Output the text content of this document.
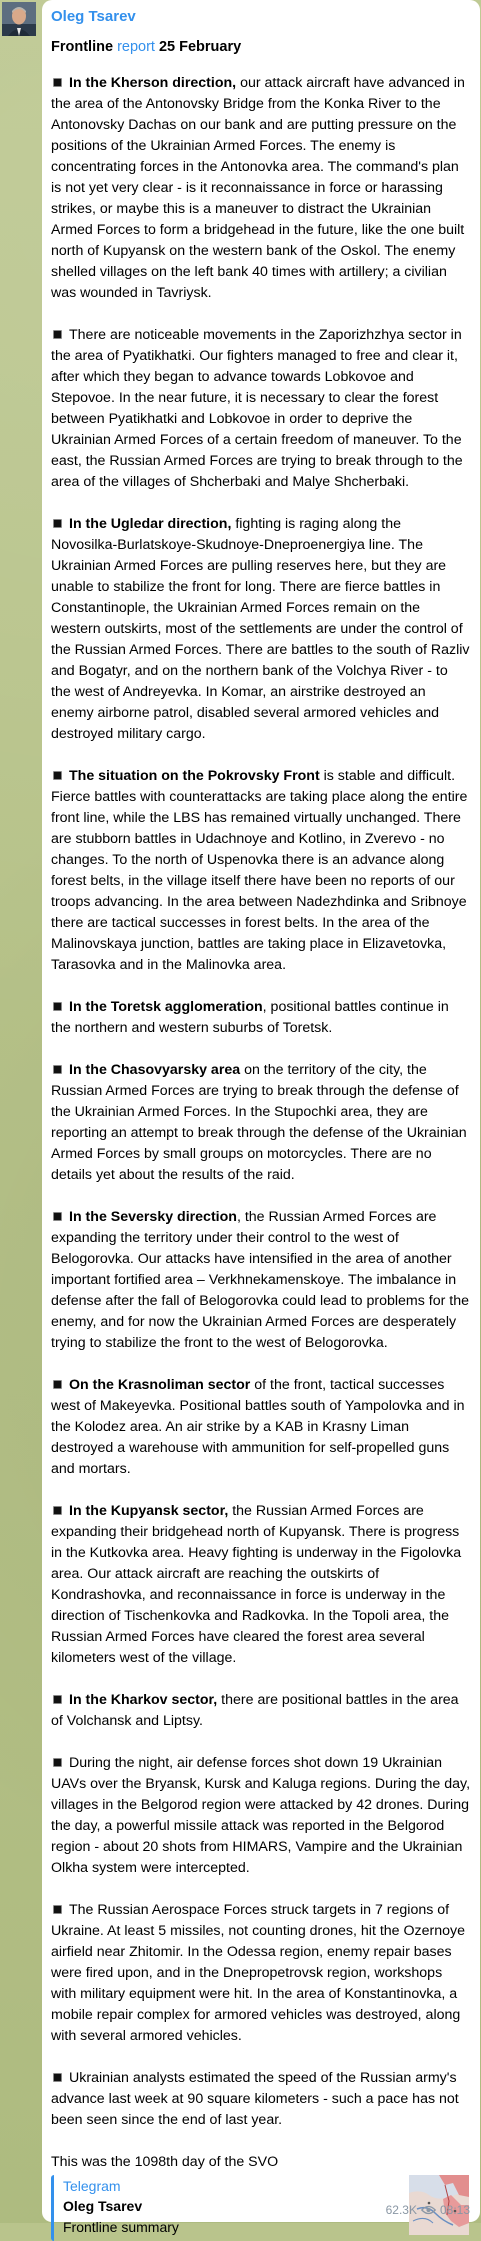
Oleg Tsarev
Frontline report 25 February
In the Kherson direction, our attack aircraft have advanced in the area of the Antonovsky Bridge from the Konka River to the Antonovsky Dachas on our bank and are putting pressure on the positions of the Ukrainian Armed Forces. The enemy is concentrating forces in the Antonovka area. The command's plan is not yet very clear - is it reconnaissance in force or harassing strikes, or maybe this is a maneuver to distract the Ukrainian Armed Forces to form a bridgehead in the future, like the one built north of Kupyansk on the western bank of the Oskol. The enemy shelled villages on the left bank 40 times with artillery; a civilian was wounded in Tavriysk.
There are noticeable movements in the Zaporizhzhya sector in the area of Pyatikhatki. Our fighters managed to free and clear it, after which they began to advance towards Lobkovoe and Stepovoe. In the near future, it is necessary to clear the forest between Pyatikhatki and Lobkovoe in order to deprive the Ukrainian Armed Forces of a certain freedom of maneuver. To the east, the Russian Armed Forces are trying to break through to the area of the villages of Shcherbaki and Malye Shcherbaki.
In the Ugledar direction, fighting is raging along the Novosilka-Burlatskoye-Skudnoye-Dneproenergiya line. The Ukrainian Armed Forces are pulling reserves here, but they are unable to stabilize the front for long. There are fierce battles in Constantinople, the Ukrainian Armed Forces remain on the western outskirts, most of the settlements are under the control of the Russian Armed Forces. There are battles to the south of Razliv and Bogatyr, and on the northern bank of the Volchya River - to the west of Andreyevka. In Komar, an airstrike destroyed an enemy airborne patrol, disabled several armored vehicles and destroyed military cargo.
The situation on the Pokrovsky Front is stable and difficult. Fierce battles with counterattacks are taking place along the entire front line, while the LBS has remained virtually unchanged. There are stubborn battles in Udachnoye and Kotlino, in Zverevo - no changes. To the north of Uspenovka there is an advance along forest belts, in the village itself there have been no reports of our troops advancing. In the area between Nadezhdinka and Sribnoye there are tactical successes in forest belts. In the area of the Malinovskaya junction, battles are taking place in Elizavetovka, Tarasovka and in the Malinovka area.
In the Toretsk agglomeration, positional battles continue in the northern and western suburbs of Toretsk.
In the Chasovyarsky area on the territory of the city, the Russian Armed Forces are trying to break through the defense of the Ukrainian Armed Forces. In the Stupochki area, they are reporting an attempt to break through the defense of the Ukrainian Armed Forces by small groups on motorcycles. There are no details yet about the results of the raid.
In the Seversky direction, the Russian Armed Forces are expanding the territory under their control to the west of Belogorovka. Our attacks have intensified in the area of another important fortified area – Verkhnekamenskoye. The imbalance in defense after the fall of Belogorovka could lead to problems for the enemy, and for now the Ukrainian Armed Forces are desperately trying to stabilize the front to the west of Belogorovka.
On the Krasnoliman sector of the front, tactical successes west of Makeyevka. Positional battles south of Yampolovka and in the Kolodez area. An air strike by a KAB in Krasny Liman destroyed a warehouse with ammunition for self-propelled guns and mortars.
In the Kupyansk sector, the Russian Armed Forces are expanding their bridgehead north of Kupyansk. There is progress in the Kutkovka area. Heavy fighting is underway in the Figolovka area. Our attack aircraft are reaching the outskirts of Kondrashovka, and reconnaissance in force is underway in the direction of Tischenkovka and Radkovka. In the Topoli area, the Russian Armed Forces have cleared the forest area several kilometers west of the village.
In the Kharkov sector, there are positional battles in the area of Volchansk and Liptsy.
During the night, air defense forces shot down 19 Ukrainian UAVs over the Bryansk, Kursk and Kaluga regions. During the day, villages in the Belgorod region were attacked by 42 drones. During the day, a powerful missile attack was reported in the Belgorod region - about 20 shots from HIMARS, Vampire and the Ukrainian Olkha system were intercepted.
The Russian Aerospace Forces struck targets in 7 regions of Ukraine. At least 5 missiles, not counting drones, hit the Ozernoye airfield near Zhitomir. In the Odessa region, enemy repair bases were fired upon, and in the Dnepropetrovsk region, workshops with military equipment were hit. In the area of Konstantinovka, a mobile repair complex for armored vehicles was destroyed, along with several armored vehicles.
Ukrainian analysts estimated the speed of the Russian army's advance last week at 90 square kilometers - such a pace has not been seen since the end of last year.
This was the 1098th day of the SVO
Telegram
Oleg Tsarev
Frontline summary
62.3K 08:13
